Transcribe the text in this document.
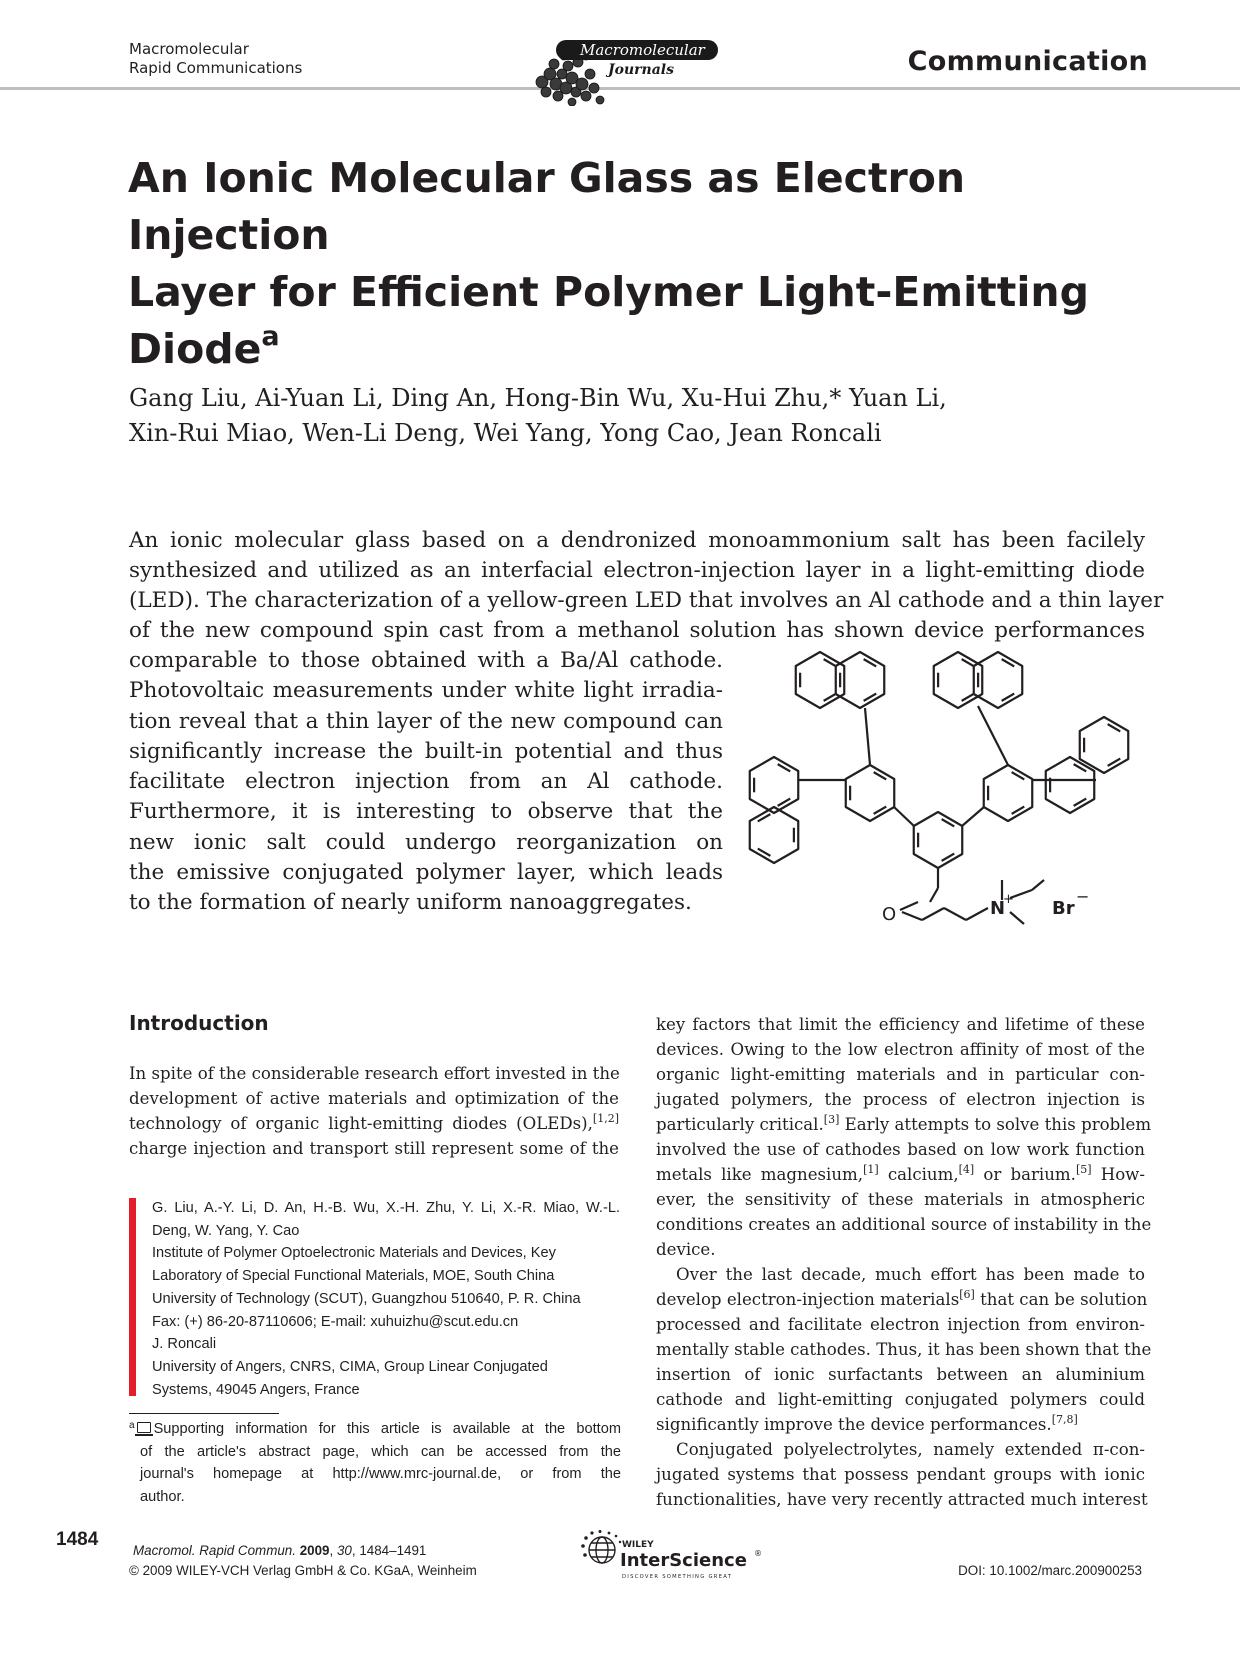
Macromolecular
Rapid Communications
Macromolecular
Journals	Communication
An Ionic Molecular Glass as Electron Injection
Layer for Efficient Polymer Light-Emitting
Diode$^a$
Gang Liu, Ai-Yuan Li, Ding An, Hong-Bin Wu, Xu-Hui Zhu,* Yuan Li,
Xin-Rui Miao, Wen-Li Deng, Wei Yang, Yong Cao, Jean Roncali
An ionic molecular glass based on a dendronized monoammonium salt has been facilely
synthesized and utilized as an interfacial electron-injection layer in a light-emitting diode
(LED). The characterization of a yellow-green LED that involves an Al cathode and a thin layer
of the new compound spin cast from a methanol solution has shown device performances
comparable to those obtained with a Ba/Al cathode.
Photovoltaic measurements under white light irradia-
tion reveal that a thin layer of the new compound can
significantly increase the built-in potential and thus
facilitate electron injection from an Al cathode.
Furthermore, it is interesting to observe that the
new ionic salt could undergo reorganization on
the emissive conjugated polymer layer, which leads
to the formation of nearly uniform nanoaggregates.	O	N
+ Br
−
Introduction
In spite of the considerable research effort invested in the
development of active materials and optimization of the
technology of organic light-emitting diodes (OLEDs),[1,2]
charge injection and transport still represent some of the
key factors that limit the efficiency and lifetime of these
devices. Owing to the low electron affinity of most of the
organic light-emitting materials and in particular con-
jugated polymers, the process of electron injection is
particularly critical.[3] Early attempts to solve this problem
involved the use of cathodes based on low work function
metals like magnesium,[1] calcium,[4] or barium.[5] How-
ever, the sensitivity of these materials in atmospheric
conditions creates an additional source of instability in the
device.
Over the last decade, much effort has been made to
develop electron-injection materials[6] that can be solution
processed and facilitate electron injection from environ-
mentally stable cathodes. Thus, it has been shown that the
insertion of ionic surfactants between an aluminium
cathode and light-emitting conjugated polymers could
significantly improve the device performances.[7,8]
Conjugated polyelectrolytes, namely extended π-con-
jugated systems that possess pendant groups with ionic
functionalities, have very recently attracted much interest
G. Liu, A.-Y. Li, D. An, H.-B. Wu, X.-H. Zhu, Y. Li, X.-R. Miao, W.-L.
Deng, W. Yang, Y. Cao
Institute of Polymer Optoelectronic Materials and Devices, Key
Laboratory of Special Functional Materials, MOE, South China
University of Technology (SCUT), Guangzhou 510640, P. R. China
Fax: (+) 86-20-87110606; E-mail: xuhuizhu@scut.edu.cn
J. Roncali
University of Angers, CNRS, CIMA, Group Linear Conjugated
Systems, 49045 Angers, France
$^a$ Supporting information for this article is available at the bottom
of the article's abstract page, which can be accessed from the
journal's homepage at http://www.mrc-journal.de, or from the
author.
1484
Macromol. Rapid Commun. 2009, 30, 1484–1491
© 2009 WILEY-VCH Verlag GmbH & Co. KGaA, Weinheim
WILEY
InterScience ®
DISCOVER SOMETHING GREAT	DOI: 10.1002/marc.200900253
